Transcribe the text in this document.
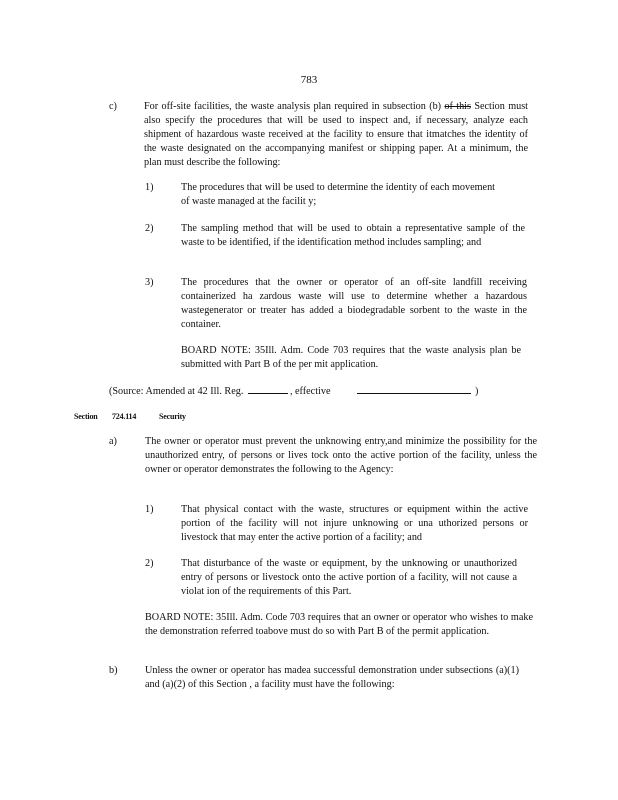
783
c)	For off-site facilities, the waste analysis plan required in subsection (b) of this Section must also specify the procedures that will be used to inspect and, if necessary, analyze each shipment of hazardous waste received at the facility to ensure that itmatches the identity of the waste designated on the accompanying manifest or shipping paper. At a minimum, the plan must describe the following:
1)	The procedures that will be used to determine the identity of each movement of waste managed at the facilit y;
2)	The sampling method that will be used to obtain a representative sample of the waste to be identified, if the identification method includes sampling; and
3)	The procedures that the owner or operator of an off-site landfill receiving containerized ha zardous waste will use to determine whether a hazardous wastegenerator or treater has added a biodegradable sorbent to the waste in the container.
BOARD NOTE: 35Ill. Adm. Code 703 requires that the waste analysis plan be submitted with Part B of the per mit application.
(Source: Amended at 42 Ill. Reg.	, effective	)
Section 724.114	Security
a)	The owner or operator must prevent the unknowing entry,and minimize the possibility for the unauthorized entry, of persons or lives tock onto the active portion of the facility, unless the owner or operator demonstrates the following to the Agency:
1)	That physical contact with the waste, structures or equipment within the active portion of the facility will not injure unknowing or una uthorized persons or livestock that may enter the active portion of a facility; and
2)	That disturbance of the waste or equipment, by the unknowing or unauthorized entry of persons or livestock onto the active portion of a facility, will not cause a violat ion of the requirements of this Part.
BOARD NOTE: 35Ill. Adm. Code 703 requires that an owner or operator who wishes to make the demonstration referred toabove must do so with Part B of the permit application.
b)	Unless the owner or operator has madea successful demonstration under subsections (a)(1) and (a)(2) of this Section , a facility must have the following:
